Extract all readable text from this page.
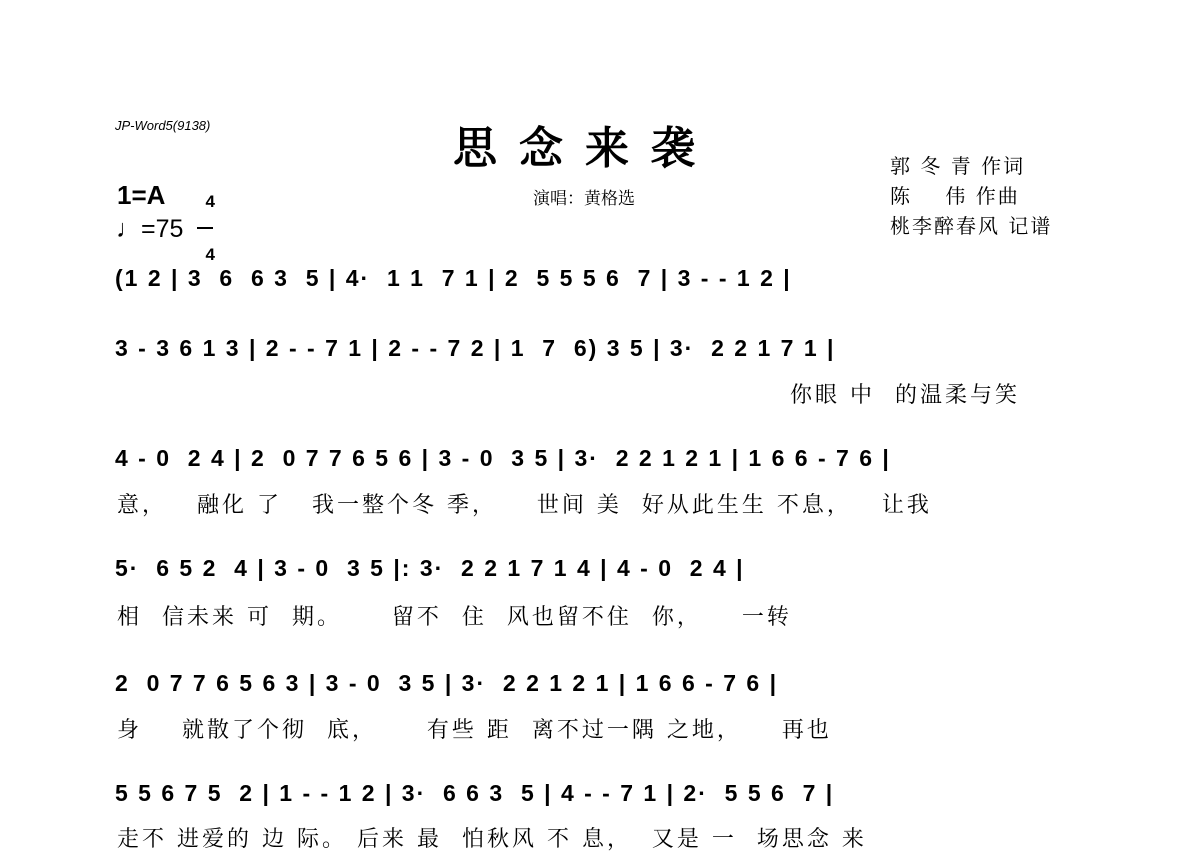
JP-Word5(9138)	思念来袭
演唱：黄格选
郭 冬 青 作词
陈    伟 作曲
桃李醉春风 记谱
1=A	4

4

♩=75
(1 2 | 3  6  6 3  5 | 4·  1 1  7 1 | 2  5 5 5 6  7 | 3 - - 1 2 |
3 - 3 6 1 3 | 2 - - 7 1 | 2 - - 7 2 | 1  7  6) 3 5 | 3·  2 2 1 7 1 |
你眼 中  的温柔与笑
4 - 0  2 4 | 2  0 7 7 6 5 6 | 3 - 0  3 5 | 3·  2 2 1 2 1 | 1 6 6 - 7 6 |
意，   融化 了   我一整个冬 季，    世间 美  好从此生生 不息，   让我
5·  6 5 2  4 | 3 - 0  3 5 |: 3·  2 2 1 7 1 4 | 4 - 0  2 4 |
相  信未来 可  期。     留不  住  风也留不住  你，    一转
2  0 7 7 6 5 6 3 | 3 - 0  3 5 | 3·  2 2 1 2 1 | 1 6 6 - 7 6 |
身    就散了个彻  底，     有些 距  离不过一隅 之地，    再也
5 5 6 7 5  2 | 1 - - 1 2 | 3·  6 6 3  5 | 4 - - 7 1 | 2·  5 5 6  7 |
走不 进爱的 边 际。 后来 最  怕秋风 不 息，  又是 一  场思念 来
